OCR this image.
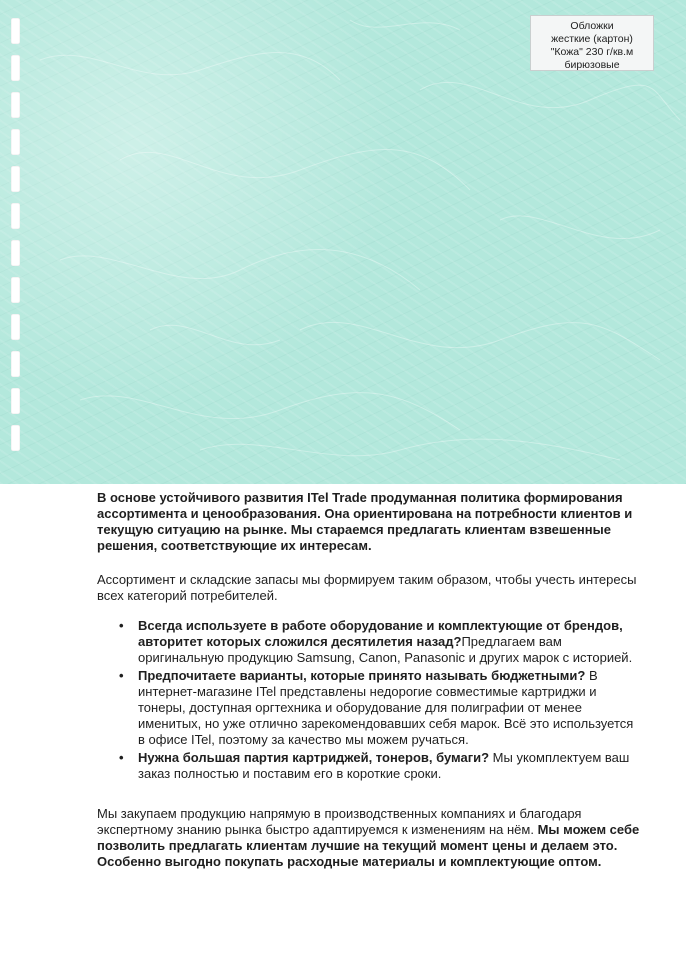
Обложки
жесткие (картон)
"Кожа" 230 г/кв.м
бирюзовые

В основе устойчивого развития ITel Trade продуманная политика формирования ассортимента и ценообразования. Она ориентирована на потребности клиентов и текущую ситуацию на рынке. Мы стараемся предлагать клиентам взвешенные решения, соответствующие их интересам.

Ассортимент и складские запасы мы формируем таким образом, чтобы учесть интересы всех категорий потребителей.

• Всегда используете в работе оборудование и комплектующие от брендов, авторитет которых сложился десятилетия назад?Предлагаем вам оригинальную продукцию Samsung, Canon, Panasonic и других марок с историей.
• Предпочитаете варианты, которые принято называть бюджетными? В интернет-магазине ITel представлены недорогие совместимые картриджи и тонеры, доступная оргтехника и оборудование для полиграфии от менее именитых, но уже отлично зарекомендовавших себя марок. Всё это используется в офисе ITel, поэтому за качество мы можем ручаться.
• Нужна большая партия картриджей, тонеров, бумаги? Мы укомплектуем ваш заказ полностью и поставим его в короткие сроки.

Мы закупаем продукцию напрямую в производственных компаниях и благодаря экспертному знанию рынка быстро адаптируемся к изменениям на нём. Мы можем себе позволить предлагать клиентам лучшие на текущий момент цены и делаем это. Особенно выгодно покупать расходные материалы и комплектующие оптом.
